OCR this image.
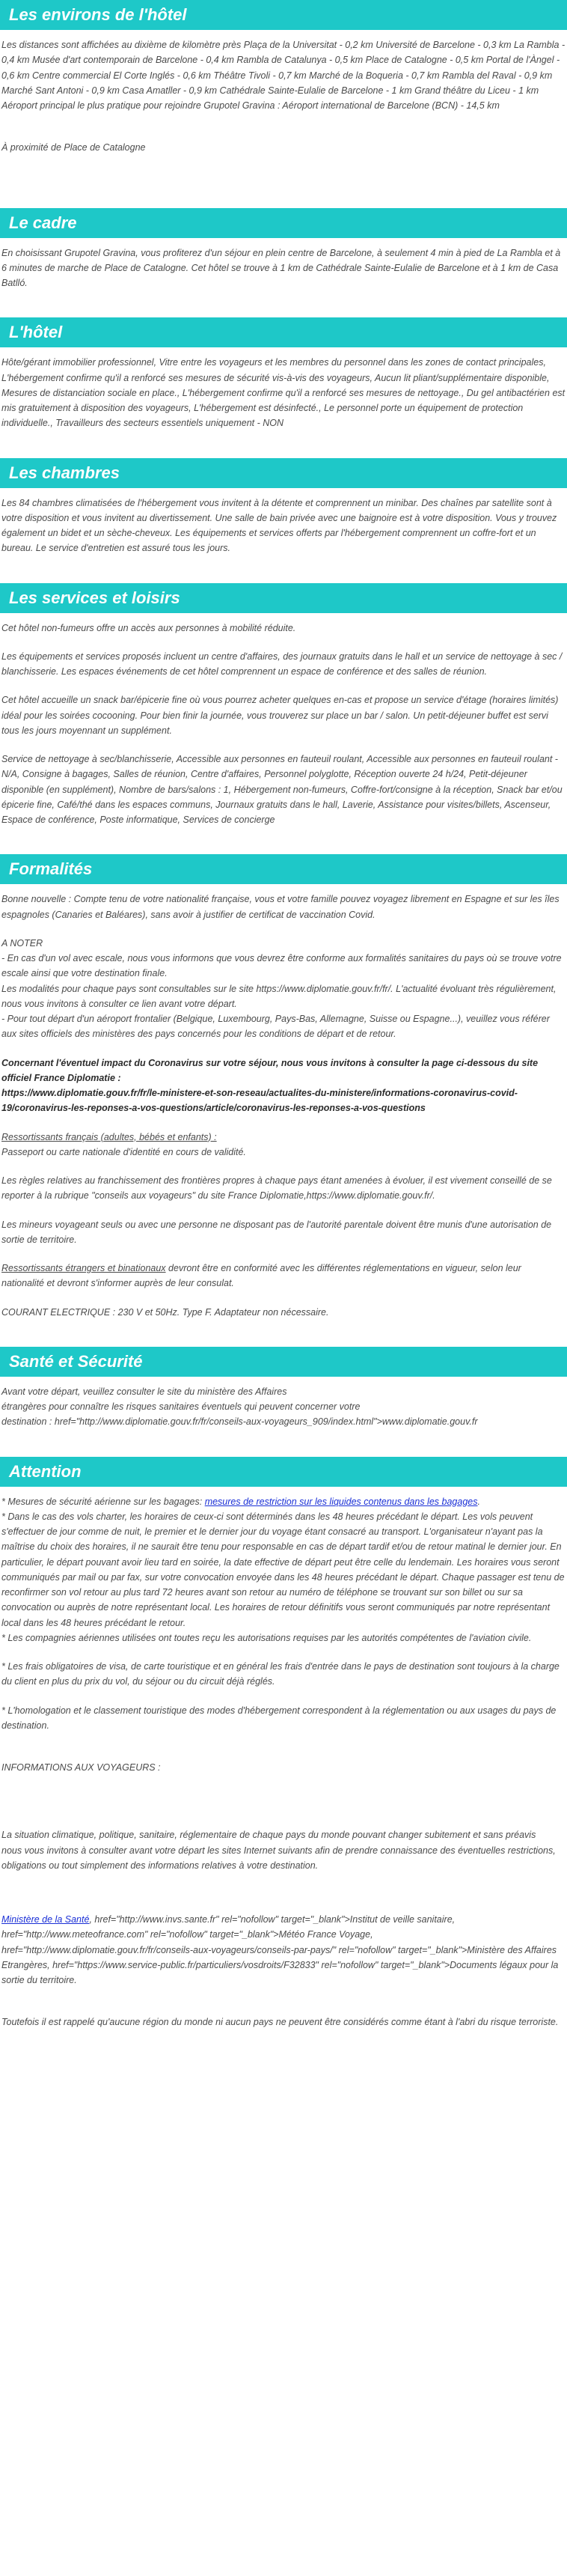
Les environs de l'hôtel

Les distances sont affichées au dixième de kilomètre près Plaça de la Universitat - 0,2 km Université de Barcelone - 0,3 km La Rambla - 0,4 km Musée d'art contemporain de Barcelone - 0,4 km Rambla de Catalunya - 0,5 km Place de Catalogne - 0,5 km Portal de l'Àngel - 0,6 km Centre commercial El Corte Inglés - 0,6 km Théâtre Tivoli - 0,7 km Marché de la Boqueria - 0,7 km Rambla del Raval - 0,9 km Marché Sant Antoni - 0,9 km Casa Amatller - 0,9 km Cathédrale Sainte-Eulalie de Barcelone - 1 km Grand théâtre du Liceu - 1 km Aéroport principal le plus pratique pour rejoindre Grupotel Gravina : Aéroport international de Barcelone (BCN) - 14,5 km

À proximité de Place de Catalogne

Le cadre

En choisissant Grupotel Gravina, vous profiterez d'un séjour en plein centre de Barcelone, à seulement 4 min à pied de La Rambla et à 6 minutes de marche de Place de Catalogne. Cet hôtel se trouve à 1 km de Cathédrale Sainte-Eulalie de Barcelone et à 1 km de Casa Batlló.

L'hôtel

Hôte/gérant immobilier professionnel, Vitre entre les voyageurs et les membres du personnel dans les zones de contact principales, L'hébergement confirme qu'il a renforcé ses mesures de sécurité vis-à-vis des voyageurs, Aucun lit pliant/supplémentaire disponible, Mesures de distanciation sociale en place., L'hébergement confirme qu'il a renforcé ses mesures de nettoyage., Du gel antibactérien est mis gratuitement à disposition des voyageurs, L'hébergement est désinfecté., Le personnel porte un équipement de protection individuelle., Travailleurs des secteurs essentiels uniquement - NON

Les chambres

Les 84 chambres climatisées de l'hébergement vous invitent à la détente et comprennent un minibar. Des chaînes par satellite sont à votre disposition et vous invitent au divertissement. Une salle de bain privée avec une baignoire est à votre disposition. Vous y trouvez également un bidet et un sèche-cheveux. Les équipements et services offerts par l'hébergement comprennent un coffre-fort et un bureau. Le service d'entretien est assuré tous les jours.

Les services et loisirs

Cet hôtel non-fumeurs offre un accès aux personnes à mobilité réduite.

Les équipements et services proposés incluent un centre d'affaires, des journaux gratuits dans le hall et un service de nettoyage à sec / blanchisserie. Les espaces événements de cet hôtel comprennent un espace de conférence et des salles de réunion.

Cet hôtel accueille un snack bar/épicerie fine où vous pourrez acheter quelques en-cas et propose un service d'étage (horaires limités) idéal pour les soirées cocooning. Pour bien finir la journée, vous trouverez sur place un bar / salon. Un petit-déjeuner buffet est servi tous les jours moyennant un supplément.

Service de nettoyage à sec/blanchisserie, Accessible aux personnes en fauteuil roulant, Accessible aux personnes en fauteuil roulant - N/A, Consigne à bagages, Salles de réunion, Centre d'affaires, Personnel polyglotte, Réception ouverte 24 h/24, Petit-déjeuner disponible (en supplément), Nombre de bars/salons : 1, Hébergement non-fumeurs, Coffre-fort/consigne à la réception, Snack bar et/ou épicerie fine, Café/thé dans les espaces communs, Journaux gratuits dans le hall, Laverie, Assistance pour visites/billets, Ascenseur, Espace de conférence, Poste informatique, Services de concierge

Formalités

Bonne nouvelle : Compte tenu de votre nationalité française, vous et votre famille pouvez voyagez librement en Espagne et sur les îles espagnoles (Canaries et Baléares), sans avoir à justifier de certificat de vaccination Covid.

A NOTER

- En cas d'un vol avec escale, nous vous informons que vous devrez être conforme aux formalités sanitaires du pays où se trouve votre escale ainsi que votre destination finale.

Les modalités pour chaque pays sont consultables sur le site https://www.diplomatie.gouv.fr/fr/. L'actualité évoluant très régulièrement, nous vous invitons à consulter ce lien avant votre départ.

- Pour tout départ d'un aéroport frontalier (Belgique, Luxembourg, Pays-Bas, Allemagne, Suisse ou Espagne...), veuillez vous référer aux sites officiels des ministères des pays concernés pour les conditions de départ et de retour.

Concernant l'éventuel impact du Coronavirus sur votre séjour, nous vous invitons à consulter la page ci-dessous du site officiel France Diplomatie :

https://www.diplomatie.gouv.fr/fr/le-ministere-et-son-reseau/actualites-du-ministere/informations-coronavirus-covid-19/coronavirus-les-reponses-a-vos-questions/article/coronavirus-les-reponses-a-vos-questions

Ressortissants français (adultes, bébés et enfants) :

Passeport ou carte nationale d'identité en cours de validité.

Les règles relatives au franchissement des frontières propres à chaque pays étant amenées à évoluer, il est vivement conseillé de se reporter à la rubrique "conseils aux voyageurs" du site France Diplomatie,https://www.diplomatie.gouv.fr/.

Les mineurs voyageant seuls ou avec une personne ne disposant pas de l'autorité parentale doivent être munis d'une autorisation de sortie de territoire.

Ressortissants étrangers et binationaux devront être en conformité avec les différentes réglementations en vigueur, selon leur nationalité et devront s'informer auprès de leur consulat.

COURANT ELECTRIQUE : 230 V et 50Hz. Type F. Adaptateur non nécessaire.

Santé et Sécurité

Avant votre départ, veuillez consulter le site du ministère des Affaires

étrangères pour connaître les risques sanitaires éventuels qui peuvent concerner votre

destination : href="http://www.diplomatie.gouv.fr/fr/conseils-aux-voyageurs_909/index.html">www.diplomatie.gouv.fr

Attention

* Mesures de sécurité aérienne sur les bagages: mesures de restriction sur les liquides contenus dans les bagages.

* Dans le cas des vols charter, les horaires de ceux-ci sont déterminés dans les 48 heures précédant le départ. Les vols peuvent s'effectuer de jour comme de nuit, le premier et le dernier jour du voyage étant consacré au transport. L'organisateur n'ayant pas la maîtrise du choix des horaires, il ne saurait être tenu pour responsable en cas de départ tardif et/ou de retour matinal le dernier jour. En particulier, le départ pouvant avoir lieu tard en soirée, la date effective de départ peut être celle du lendemain. Les horaires vous seront communiqués par mail ou par fax, sur votre convocation envoyée dans les 48 heures précédant le départ. Chaque passager est tenu de reconfirmer son vol retour au plus tard 72 heures avant son retour au numéro de téléphone se trouvant sur son billet ou sur sa convocation ou auprès de notre représentant local. Les horaires de retour définitifs vous seront communiqués par notre représentant local dans les 48 heures précédant le retour.

* Les compagnies aériennes utilisées ont toutes reçu les autorisations requises par les autorités compétentes de l'aviation civile.

* Les frais obligatoires de visa, de carte touristique et en général les frais d'entrée dans le pays de destination sont toujours à la charge du client en plus du prix du vol, du séjour ou du circuit déjà réglés.

* L'homologation et le classement touristique des modes d'hébergement correspondent à la réglementation ou aux usages du pays de destination.

INFORMATIONS AUX VOYAGEURS :

La situation climatique, politique, sanitaire, réglementaire de chaque pays du monde pouvant changer subitement et sans préavis

nous vous invitons à consulter avant votre départ les sites Internet suivants afin de prendre connaissance des éventuelles restrictions, obligations ou tout simplement des informations relatives à votre destination.

Ministère de la Santé, href="http://www.invs.sante.fr" rel="nofollow" target="_blank">Institut de veille sanitaire, href="http://www.meteofrance.com" rel="nofollow" target="_blank">Météo France Voyage, href="http://www.diplomatie.gouv.fr/fr/conseils-aux-voyageurs/conseils-par-pays/" rel="nofollow" target="_blank">Ministère des Affaires Etrangères, href="https://www.service-public.fr/particuliers/vosdroits/F32833" rel="nofollow" target="_blank">Documents légaux pour la sortie du territoire.

Toutefois il est rappelé qu'aucune région du monde ni aucun pays ne peuvent être considérés comme étant à l'abri du risque terroriste.
